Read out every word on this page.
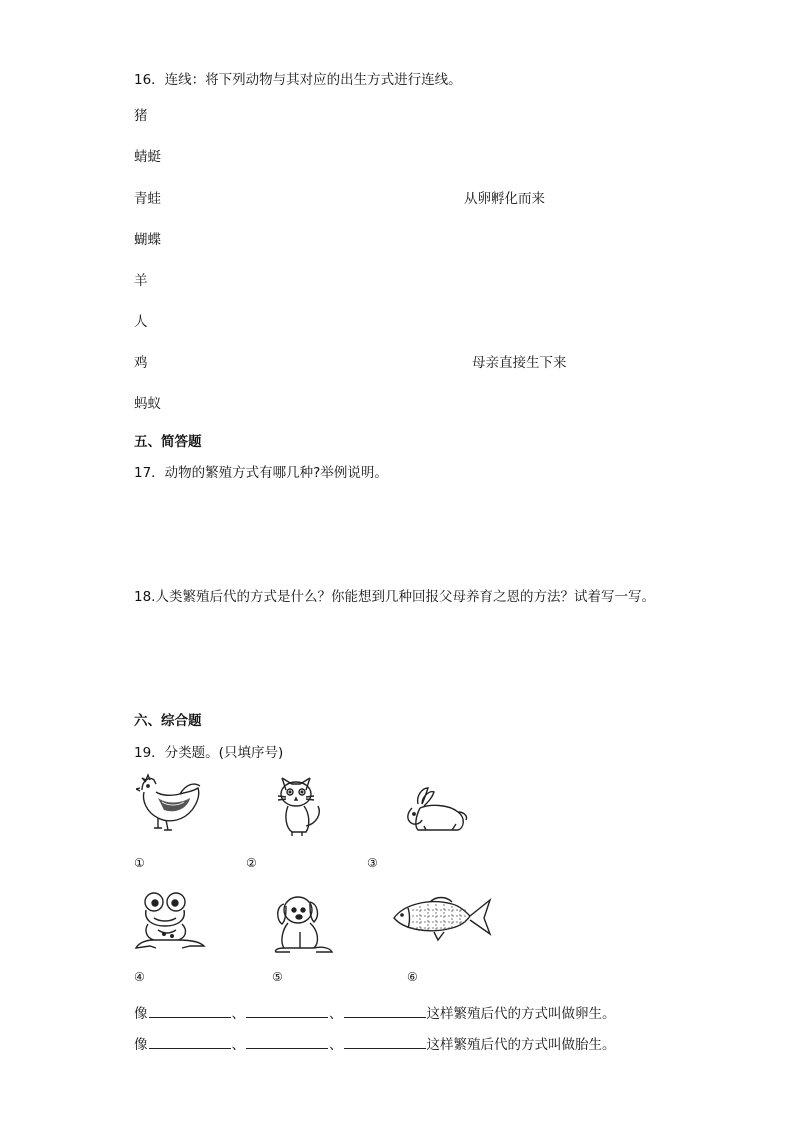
16．连线：将下列动物与其对应的出生方式进行连线。
猪
蜻蜓
青蛙
蝴蝶
羊
人
鸡
蚂蚁
从卵孵化而来
母亲直接生下来
五、简答题
17．动物的繁殖方式有哪几种?举例说明。
18.人类繁殖后代的方式是什么？你能想到几种回报父母养育之恩的方法？试着写一写。
六、综合题
19．分类题。(只填序号)
①	②	③
④	⑤	⑥
像	、	、	这样繁殖后代的方式叫做卵生。
像	、	、	这样繁殖后代的方式叫做胎生。
